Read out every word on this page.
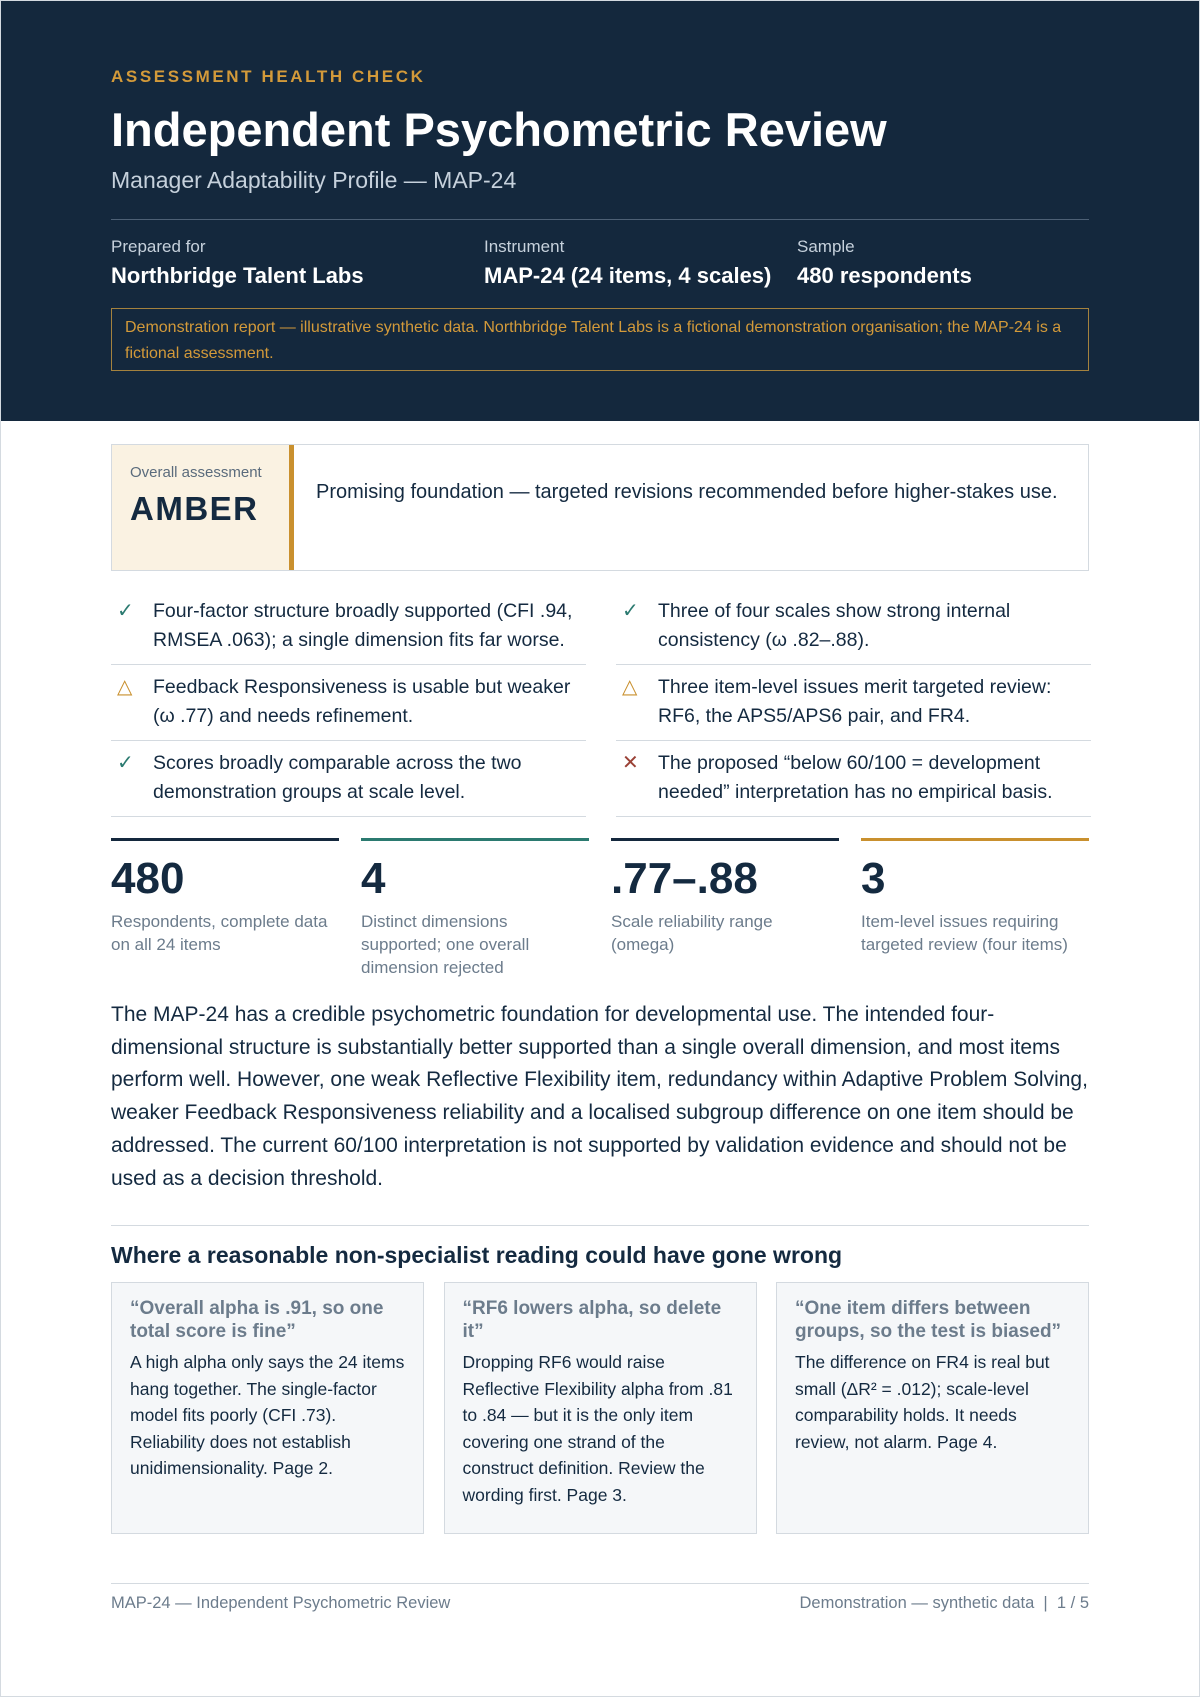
ASSESSMENT HEALTH CHECK
Independent Psychometric Review
Manager Adaptability Profile — MAP-24
Prepared for
Northbridge Talent Labs
Instrument
MAP-24 (24 items, 4 scales)
Sample
480 respondents
Demonstration report — illustrative synthetic data. Northbridge Talent Labs is a fictional demonstration organisation; the MAP-24 is a fictional assessment.
Overall assessment
AMBER	Promising foundation — targeted revisions recommended before higher-stakes use.
✓ Four-factor structure broadly supported (CFI .94, RMSEA .063); a single dimension fits far worse.
✓ Three of four scales show strong internal consistency (ω .82–.88).
△	Feedback Responsiveness is usable but weaker (ω .77) and needs refinement.
△	Three item-level issues merit targeted review: RF6, the APS5/APS6 pair, and FR4.
✓ Scores broadly comparable across the two demonstration groups at scale level.
✕ The proposed “below 60/100 = development needed” interpretation has no empirical basis.
480
Respondents, complete data on all 24 items
4
Distinct dimensions supported; one overall dimension rejected
.77–.88
Scale reliability range (omega)
3
Item-level issues requiring targeted review (four items)

The MAP-24 has a credible psychometric foundation for developmental use. The intended four-dimensional structure is substantially better supported than a single overall dimension, and most items perform well. However, one weak Reflective Flexibility item, redundancy within Adaptive Problem Solving, weaker Feedback Responsiveness reliability and a localised subgroup difference on one item should be addressed. The current 60/100 interpretation is not supported by validation evidence and should not be used as a decision threshold.

Where a reasonable non-specialist reading could have gone wrong
“Overall alpha is .91, so one total score is fine”
A high alpha only says the 24 items hang together. The single-factor model fits poorly (CFI .73). Reliability does not establish unidimensionality. Page 2.
“RF6 lowers alpha, so delete it”
Dropping RF6 would raise Reflective Flexibility alpha from .81 to .84 — but it is the only item covering one strand of the construct definition. Review the wording first. Page 3.
“One item differs between groups, so the test is biased”
The difference on FR4 is real but small (ΔR² = .012); scale-level comparability holds. It needs review, not alarm. Page 4.
MAP-24 — Independent Psychometric Review	Demonstration — synthetic data  |  1 / 5
